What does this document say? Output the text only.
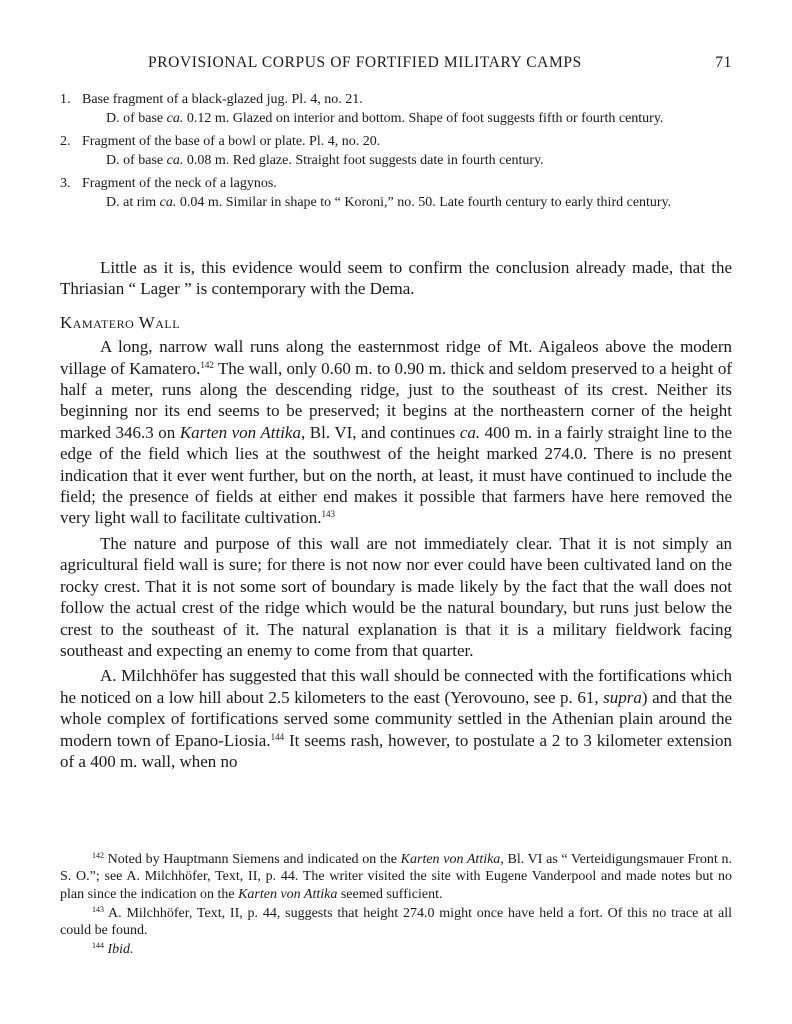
PROVISIONAL CORPUS OF FORTIFIED MILITARY CAMPS	71
1. Base fragment of a black-glazed jug. Pl. 4, no. 21.
D. of base ca. 0.12 m. Glazed on interior and bottom. Shape of foot suggests fifth or fourth century.
2. Fragment of the base of a bowl or plate. Pl. 4, no. 20.
D. of base ca. 0.08 m. Red glaze. Straight foot suggests date in fourth century.
3. Fragment of the neck of a lagynos.
D. at rim ca. 0.04 m. Similar in shape to “ Koroni,” no. 50. Late fourth century to early third century.

Little as it is, this evidence would seem to confirm the conclusion already made, that the Thriasian “ Lager ” is contemporary with the Dema.

Kamatero Wall

A long, narrow wall runs along the easternmost ridge of Mt. Aigaleos above the modern village of Kamatero.$^{142}$ The wall, only 0.60 m. to 0.90 m. thick and seldom preserved to a height of half a meter, runs along the descending ridge, just to the southeast of its crest. Neither its beginning nor its end seems to be preserved; it begins at the northeastern corner of the height marked 346.3 on Karten von Attika, Bl. VI, and continues ca. 400 m. in a fairly straight line to the edge of the field which lies at the southwest of the height marked 274.0. There is no present indication that it ever went further, but on the north, at least, it must have continued to include the field; the presence of fields at either end makes it possible that farmers have here removed the very light wall to facilitate cultivation.$^{143}$

The nature and purpose of this wall are not immediately clear. That it is not simply an agricultural field wall is sure; for there is not now nor ever could have been cultivated land on the rocky crest. That it is not some sort of boundary is made likely by the fact that the wall does not follow the actual crest of the ridge which would be the natural boundary, but runs just below the crest to the southeast of it. The natural explanation is that it is a military fieldwork facing southeast and expecting an enemy to come from that quarter.

A. Milchhöfer has suggested that this wall should be connected with the fortifications which he noticed on a low hill about 2.5 kilometers to the east (Yerovouno, see p. 61, supra) and that the whole complex of fortifications served some community settled in the Athenian plain around the modern town of Epano-Liosia.$^{144}$ It seems rash, however, to postulate a 2 to 3 kilometer extension of a 400 m. wall, when no

$^{142}$ Noted by Hauptmann Siemens and indicated on the Karten von Attika, Bl. VI as “ Verteidigungsmauer Front n. S. O.”; see A. Milchhöfer, Text, II, p. 44. The writer visited the site with Eugene Vanderpool and made notes but no plan since the indication on the Karten von Attika seemed sufficient.

$^{143}$ A. Milchhöfer, Text, II, p. 44, suggests that height 274.0 might once have held a fort. Of this no trace at all could be found.

$^{144}$ Ibid.
